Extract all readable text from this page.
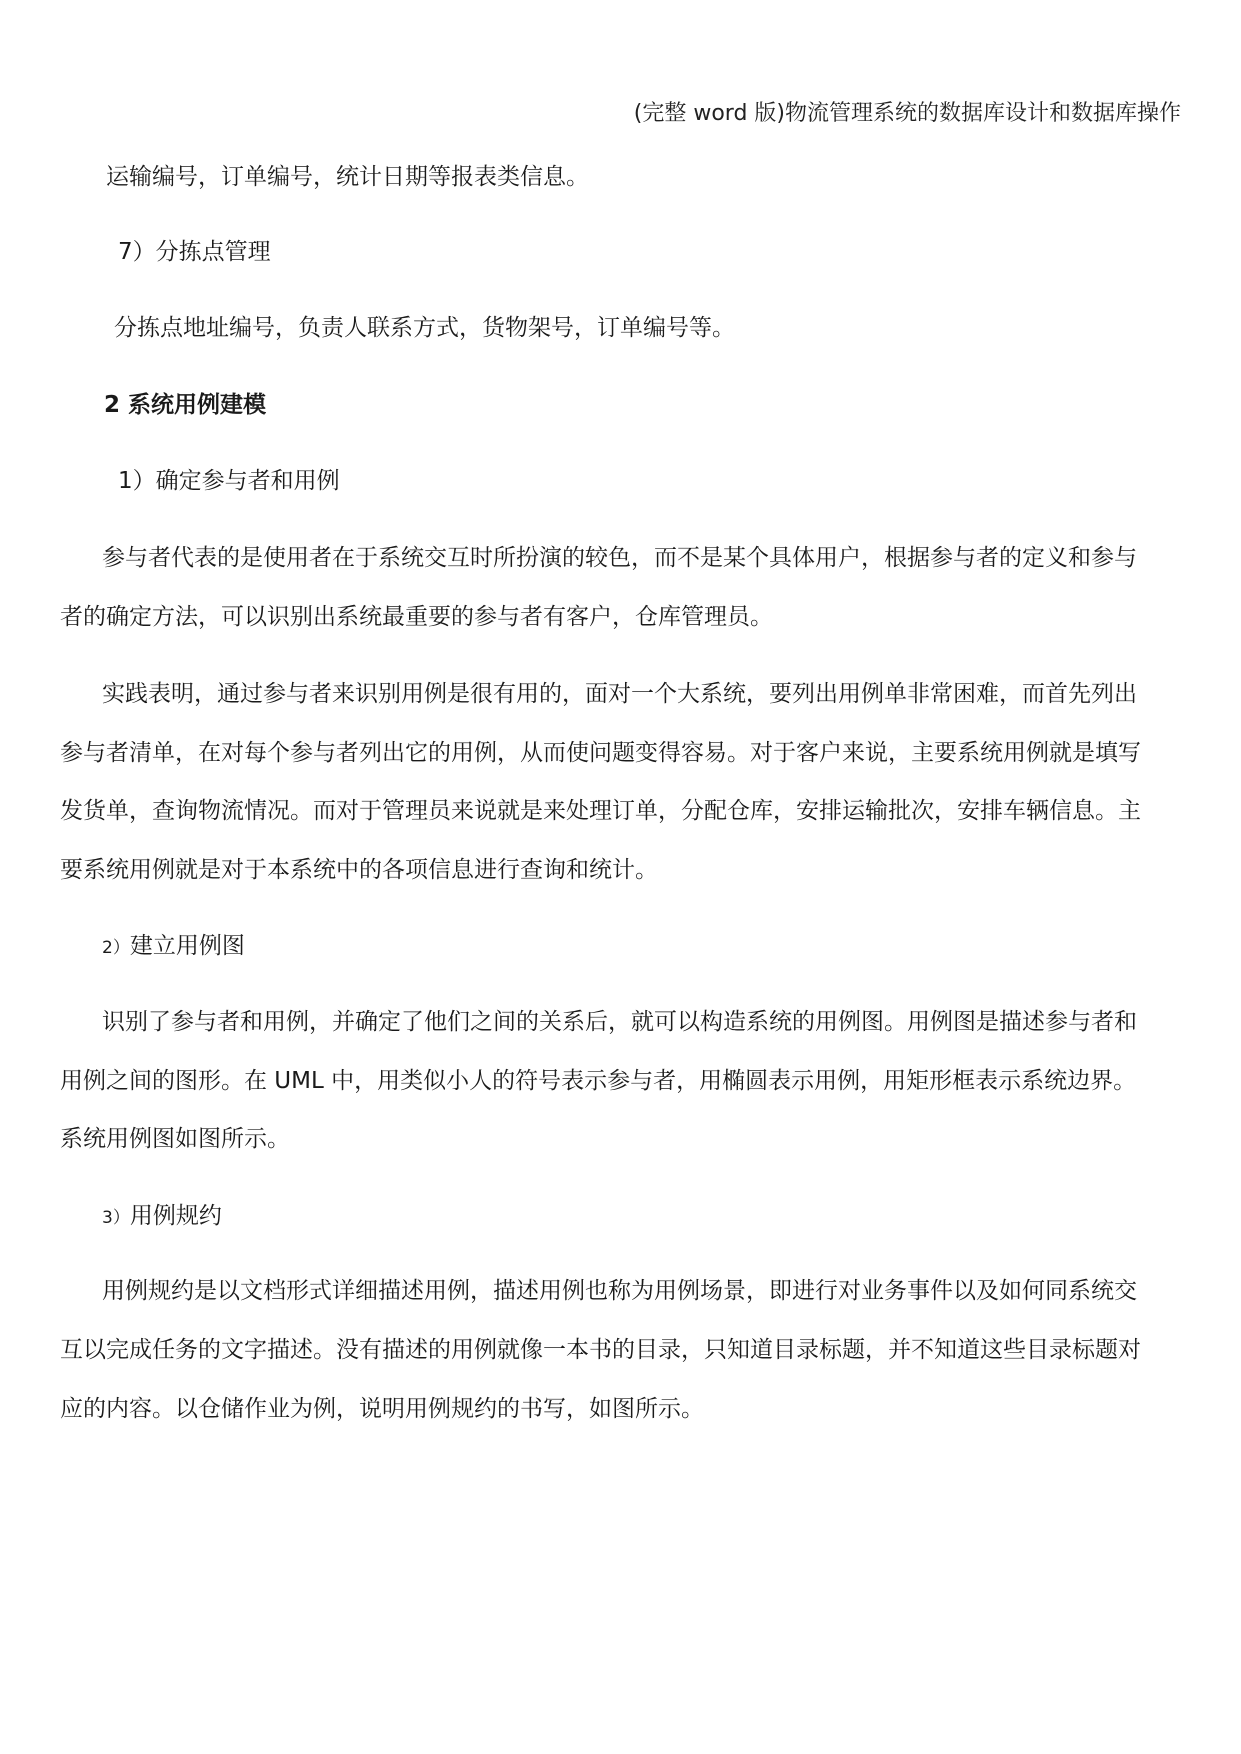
(完整 word 版)物流管理系统的数据库设计和数据库操作
运输编号，订单编号，统计日期等报表类信息。
7）分拣点管理
分拣点地址编号，负责人联系方式，货物架号，订单编号等。
2 系统用例建模
1）确定参与者和用例
参与者代表的是使用者在于系统交互时所扮演的较色，而不是某个具体用户，根据参与者的定义和参与
者的确定方法，可以识别出系统最重要的参与者有客户，仓库管理员。
实践表明，通过参与者来识别用例是很有用的，面对一个大系统，要列出用例单非常困难，而首先列出
参与者清单，在对每个参与者列出它的用例，从而使问题变得容易。对于客户来说，主要系统用例就是填写
发货单，查询物流情况。而对于管理员来说就是来处理订单，分配仓库，安排运输批次，安排车辆信息。主
要系统用例就是对于本系统中的各项信息进行查询和统计。
2）建立用例图
识别了参与者和用例，并确定了他们之间的关系后，就可以构造系统的用例图。用例图是描述参与者和
用例之间的图形。在 UML 中，用类似小人的符号表示参与者，用椭圆表示用例，用矩形框表示系统边界。
系统用例图如图所示。
3）用例规约
用例规约是以文档形式详细描述用例，描述用例也称为用例场景，即进行对业务事件以及如何同系统交
互以完成任务的文字描述。没有描述的用例就像一本书的目录，只知道目录标题，并不知道这些目录标题对
应的内容。以仓储作业为例，说明用例规约的书写，如图所示。
